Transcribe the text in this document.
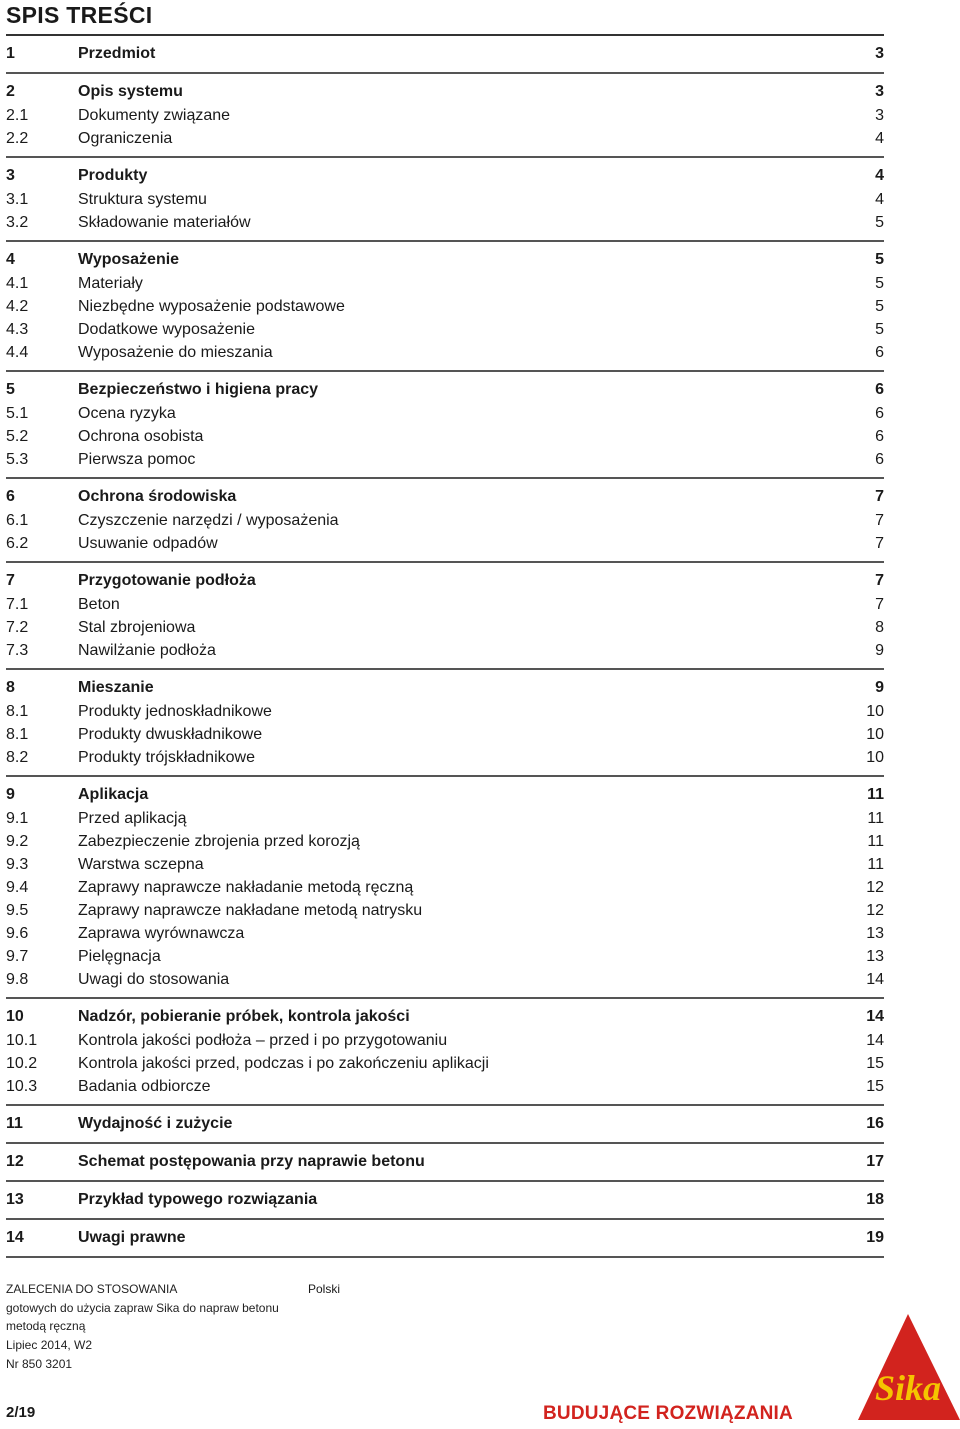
SPIS TREŚCI
1	Przedmiot	3
2	Opis systemu	3
2.1	Dokumenty związane	3
2.2	Ograniczenia	4
3	Produkty	4
3.1	Struktura systemu	4
3.2	Składowanie materiałów	5
4	Wyposażenie	5
4.1	Materiały	5
4.2	Niezbędne wyposażenie podstawowe	5
4.3	Dodatkowe wyposażenie	5
4.4	Wyposażenie do mieszania	6
5	Bezpieczeństwo i higiena pracy	6
5.1	Ocena ryzyka	6
5.2	Ochrona osobista	6
5.3	Pierwsza pomoc	6
6	Ochrona środowiska	7
6.1	Czyszczenie narzędzi / wyposażenia	7
6.2	Usuwanie odpadów	7
7	Przygotowanie podłoża	7
7.1	Beton	7
7.2	Stal zbrojeniowa	8
7.3	Nawilżanie podłoża	9
8	Mieszanie	9
8.1	Produkty jednoskładnikowe	10
8.1	Produkty dwuskładnikowe	10
8.2	Produkty trójskładnikowe	10
9	Aplikacja	11
9.1	Przed aplikacją	11
9.2	Zabezpieczenie zbrojenia przed korozją	11
9.3	Warstwa sczepna	11
9.4	Zaprawy naprawcze nakładanie metodą ręczną	12
9.5	Zaprawy naprawcze nakładane metodą natrysku	12
9.6	Zaprawa wyrównawcza	13
9.7	Pielęgnacja	13
9.8	Uwagi do stosowania	14
10	Nadzór, pobieranie próbek, kontrola jakości	14
10.1	Kontrola jakości podłoża – przed i po przygotowaniu	14
10.2	Kontrola jakości przed, podczas i po zakończeniu aplikacji	15
10.3	Badania odbiorcze	15
11	Wydajność i zużycie	16
12	Schemat postępowania przy naprawie betonu	17
13	Przykład typowego rozwiązania	18
14	Uwagi prawne	19
ZALECENIA DO STOSOWANIA
gotowych do użycia zapraw Sika do napraw betonu metodą ręczną
Lipiec 2014, W2
Nr 850 3201
Polski
2/19	BUDUJĄCE ROZWIĄZANIA
Sika
